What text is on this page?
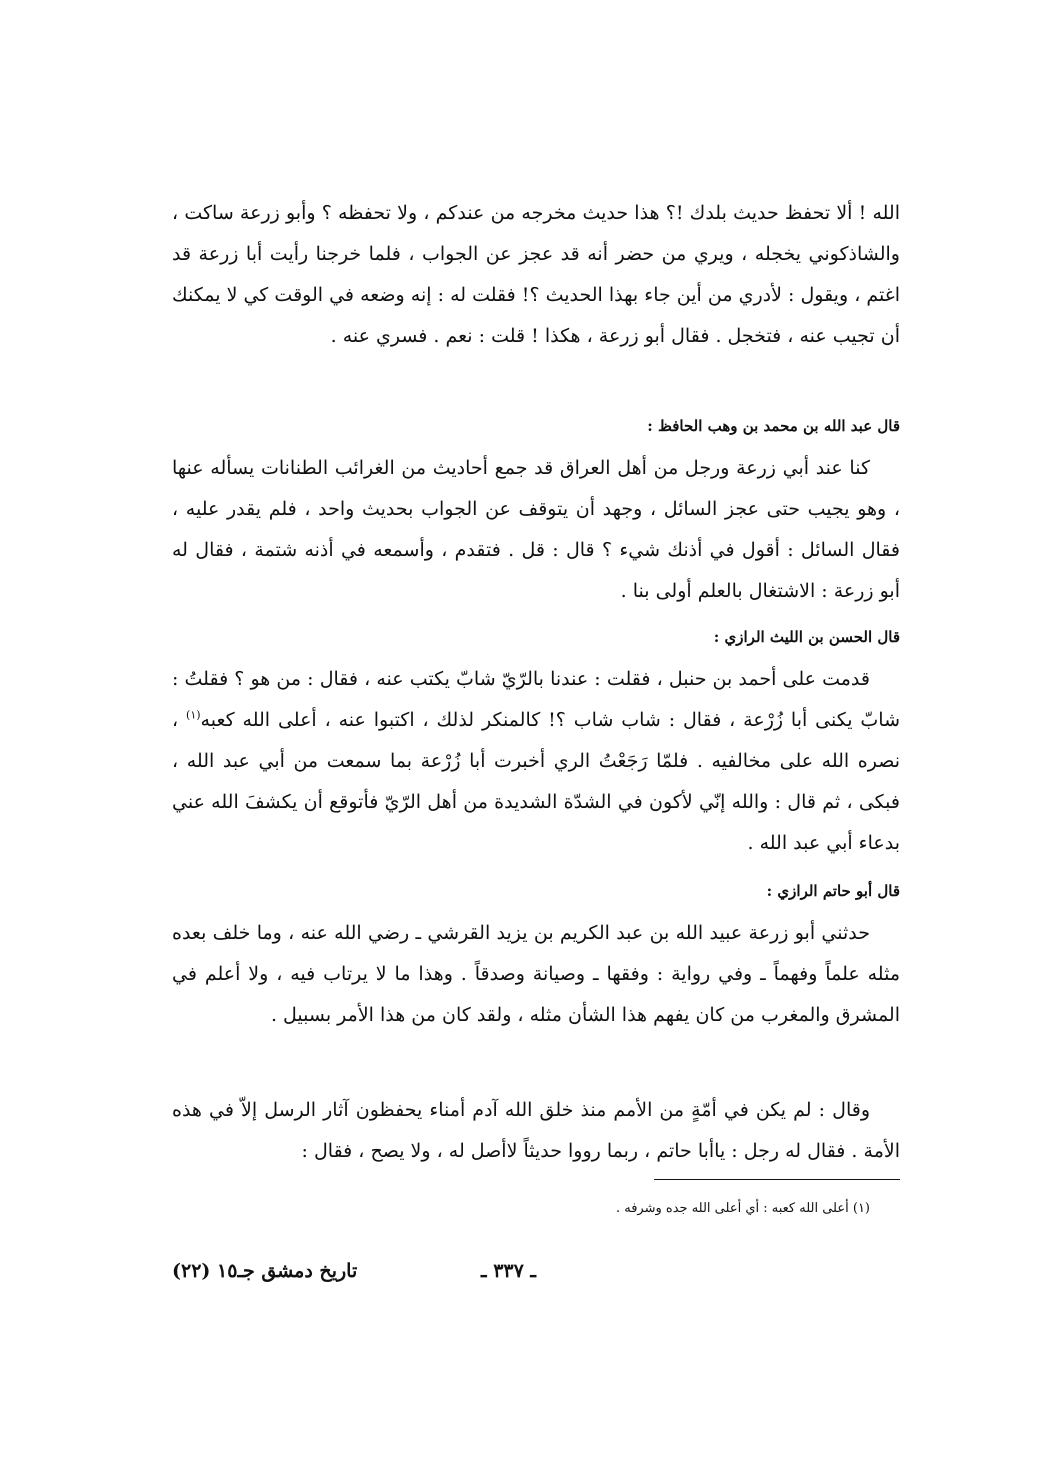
الله ! ألا تحفظ حديث بلدك !؟ هذا حديث مخرجه من عندكم ، ولا تحفظه ؟ وأبو زرعة ساكت ، والشاذكوني يخجله ، ويري من حضر أنه قد عجز عن الجواب ، فلما خرجنا رأيت أبا زرعة قد اغتم ، ويقول : لأدري من أين جاء بهذا الحديث ؟! فقلت له : إنه وضعه في الوقت كي لا يمكنك أن تجيب عنه ، فتخجل . فقال أبو زرعة ، هكذا ! قلت : نعم . فسري عنه .

قال عبد الله بن محمد بن وهب الحافظ :

كنا عند أبي زرعة ورجل من أهل العراق قد جمع أحاديث من الغرائب الطنانات يسأله عنها ، وهو يجيب حتى عجز السائل ، وجهد أن يتوقف عن الجواب بحديث واحد ، فلم يقدر عليه ، فقال السائل : أقول في أذنك شيء ؟ قال : قل . فتقدم ، وأسمعه في أذنه شتمة ، فقال له أبو زرعة : الاشتغال بالعلم أولى بنا .

قال الحسن بن الليث الرازي :

قدمت على أحمد بن حنبل ، فقلت : عندنا بالرّيّ شابّ يكتب عنه ، فقال : من هو ؟ فقلتُ : شابّ يكنى أبا زُرْعة ، فقال : شاب شاب ؟! كالمنكر لذلك ، اكتبوا عنه ، أعلى الله كعبه$^{(١)}$ ، نصره الله على مخالفيه . فلمّا رَجَعْتُ الري أخبرت أبا زُرْعة بما سمعت من أبي عبد الله ، فبكى ، ثم قال : والله إنّي لأكون في الشدّة الشديدة من أهل الرّيّ فأتوقع أن يكشفَ الله عني بدعاء أبي عبد الله .

قال أبو حاتم الرازي :

حدثني أبو زرعة عبيد الله بن عبد الكريم بن يزيد القرشي ـ رضي الله عنه ، وما خلف بعده مثله علماً وفهماً ـ وفي رواية : وفقها ـ وصيانة وصدقاً . وهذا ما لا يرتاب فيه ، ولا أعلم في المشرق والمغرب من كان يفهم هذا الشأن مثله ، ولقد كان من هذا الأمر بسبيل .

وقال : لم يكن في أمّةٍ من الأمم منذ خلق الله آدم أمناء يحفظون آثار الرسل إلاّ في هذه الأمة . فقال له رجل : ياأبا حاتم ، ربما رووا حديثاً لاأصل له ، ولا يصح ، فقال :

(١) أعلى الله كعبه : أي أعلى الله جده وشرفه .

ـ ٣٣٧ ـ
تاريخ دمشق جـ١٥ (٢٢)
